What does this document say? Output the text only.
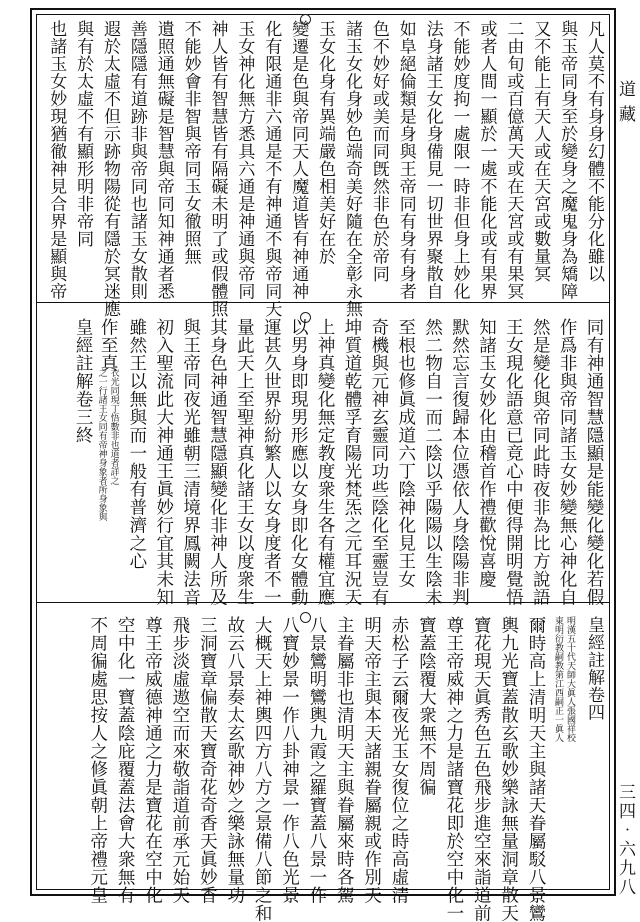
凡人莫不有身身幻體不能分化雖以
與玉帝同身至於變身之魔鬼身為矯障
又不能上有天人或在天宮或數量冥
二由旬或百億萬天或在天宮或有果冥
或者人間一顯於一處不能化或有果界
不能妙度拘一處限一時非但身上妙化
法身諸王女化身備見一切世界聚散自
如阜絕倫類是身與王帝同有身有身者
色不妙好或美而同旣然非色於帝同
諸玉女化身妙色端奇美好隨在全彰永無
玉女化身有異端嚴色相美好在於
變遷是色與帝同天人魔道皆有神通神
化有限通非六通是不有神通不與帝同天
玉女神化無方悉具六通是神通與帝同
神人皆有智慧皆有隔礙未明了或假體照
不能妙會非智與帝同玉女徹照無
遺照通無礙是智慧與帝同知神通者悉
善隱隱有道跡非與帝同也諸玉女散則
遐於太虛不但示跡物陽從有隱於冥迷應
與有於太虛不有顯形明非帝同
也諸玉女妙現猶徹神見合界是顯與帝
同有神通智慧隱顯是能變化變化若假
作爲非與帝同諸玉女妙變無心神化自
然是變化與帝同此時夜非為比方說語
王女現化語意已竟心中便得開明覺悟
知諸玉女妙化由稽首作禮歡悅喜慶
默然忘言復歸本位憑依人身陰陽非判
然二物自一而二陰以乎陽陽以生陰未
至根也修眞成道六丁陰神化見王女
奇機與元神玄靈同功些陰化至靈豈有
坤質道乾體孚育陽光梵炁之元耳況天
上神真變化無定教度衆生各有權宜應
以男身即現男形應以女身即化女體動
運甚久世界紛紛繁人以女身度者不一
量此天上至聖神真化諸王女以度衆生
其身色神通智慧隱顯變化非神人所及
與王帝同夜光雖朝三清境界鳳闕法音
初入聖流此大神通王眞妙行宜其未知
雖然王以無與而一般有普濟之心
作至真
衣光同現丁悟數非也道者詳之
之一行諸王女同有帝神身象者所身象與
皇經註解卷三終
皇經註解卷四
明漢五十代天師大眞人張國祥校
東明衍教嗣教第江西嗣正一眞人
爾時高上清明天主與諸天眷屬駁八景鸞
輿九光寶蓋散玄歌妙樂詠無量洞章散天
寶花現天眞秀色五色飛步進空來詣道前
尊王帝威神之力是諸寶花即於空中化一
寶蓋陰覆大衆無不周徧
赤松子云爾夜光玉女復位之時高虛清
明天帝主與本天諸親眷屬親或作別天
主眷屬非也清明天主與眷屬來時各駕
八景鸞明鸞輿九霞之羅寶蓋八景一作
八寶妙景一作八卦神景一作八色光景
大概天上神輿四方八方之景備八節之和
故云八景奏太玄歌神妙之樂詠無量功
三洞寶章偏散天寶奇花奇香天眞妙香
飛步淡虛遨空而來敬詣道前承元始天
尊王帝威德神通之力是寶花在空中化
空中化一寶蓋陰庇覆蓋法會大衆無有
不周徧處思按人之修眞朝上帝禮元皇
道藏
三四‧六九八
